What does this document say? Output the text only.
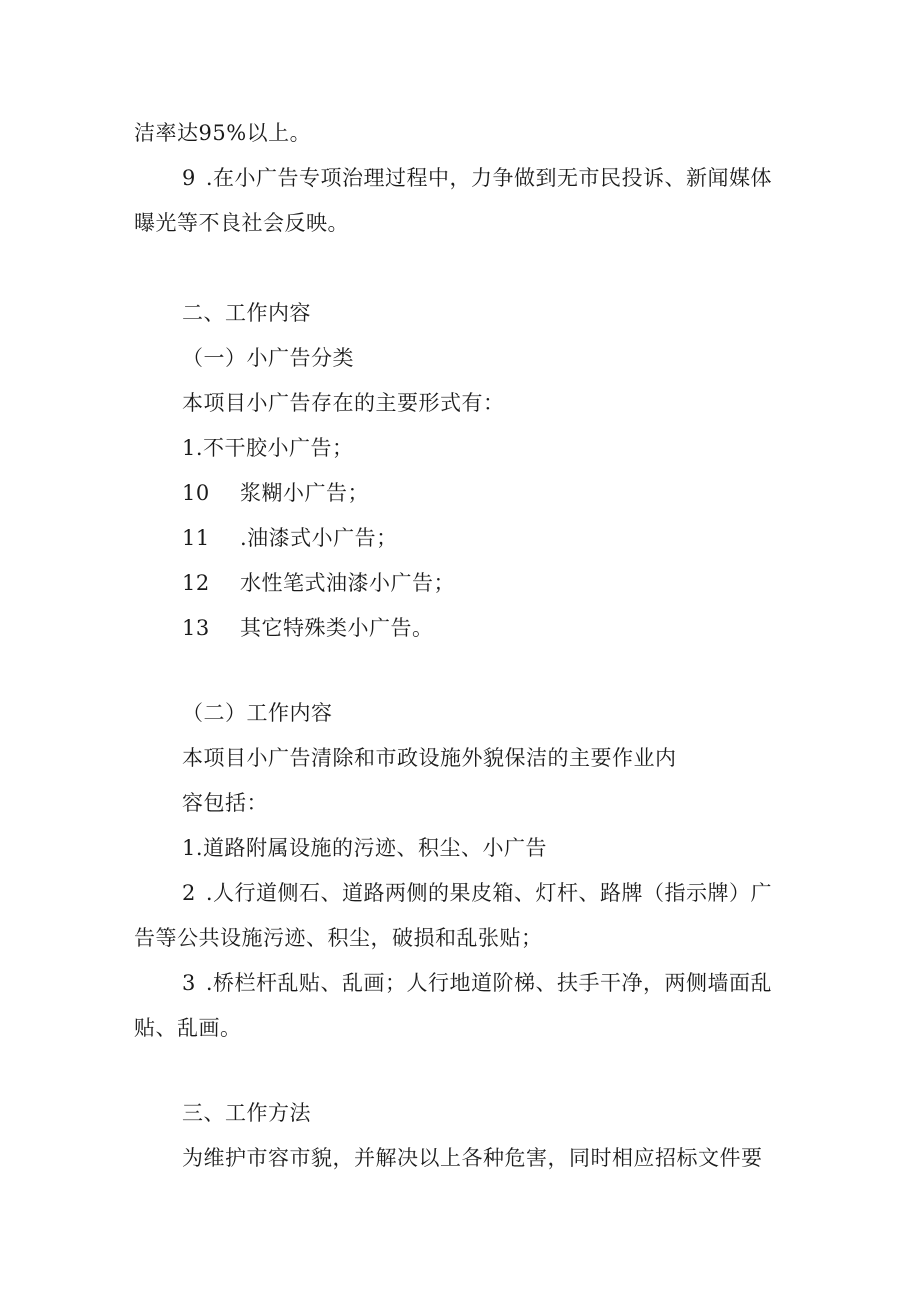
洁率达95%以上。
9 .在小广告专项治理过程中，力争做到无市民投诉、新闻媒体
曝光等不良社会反映。
二、工作内容
（一）小广告分类
本项目小广告存在的主要形式有：
1.不干胶小广告；
10 浆糊小广告；
11 .油漆式小广告；
12 水性笔式油漆小广告；
13 其它特殊类小广告。
（二）工作内容
本项目小广告清除和市政设施外貌保洁的主要作业内
容包括：
1.道路附属设施的污迹、积尘、小广告
2 .人行道侧石、道路两侧的果皮箱、灯杆、路牌（指示牌）广
告等公共设施污迹、积尘，破损和乱张贴；
3 .桥栏杆乱贴、乱画；人行地道阶梯、扶手干净，两侧墙面乱
贴、乱画。
三、工作方法
为维护市容市貌，并解决以上各种危害，同时相应招标文件要
